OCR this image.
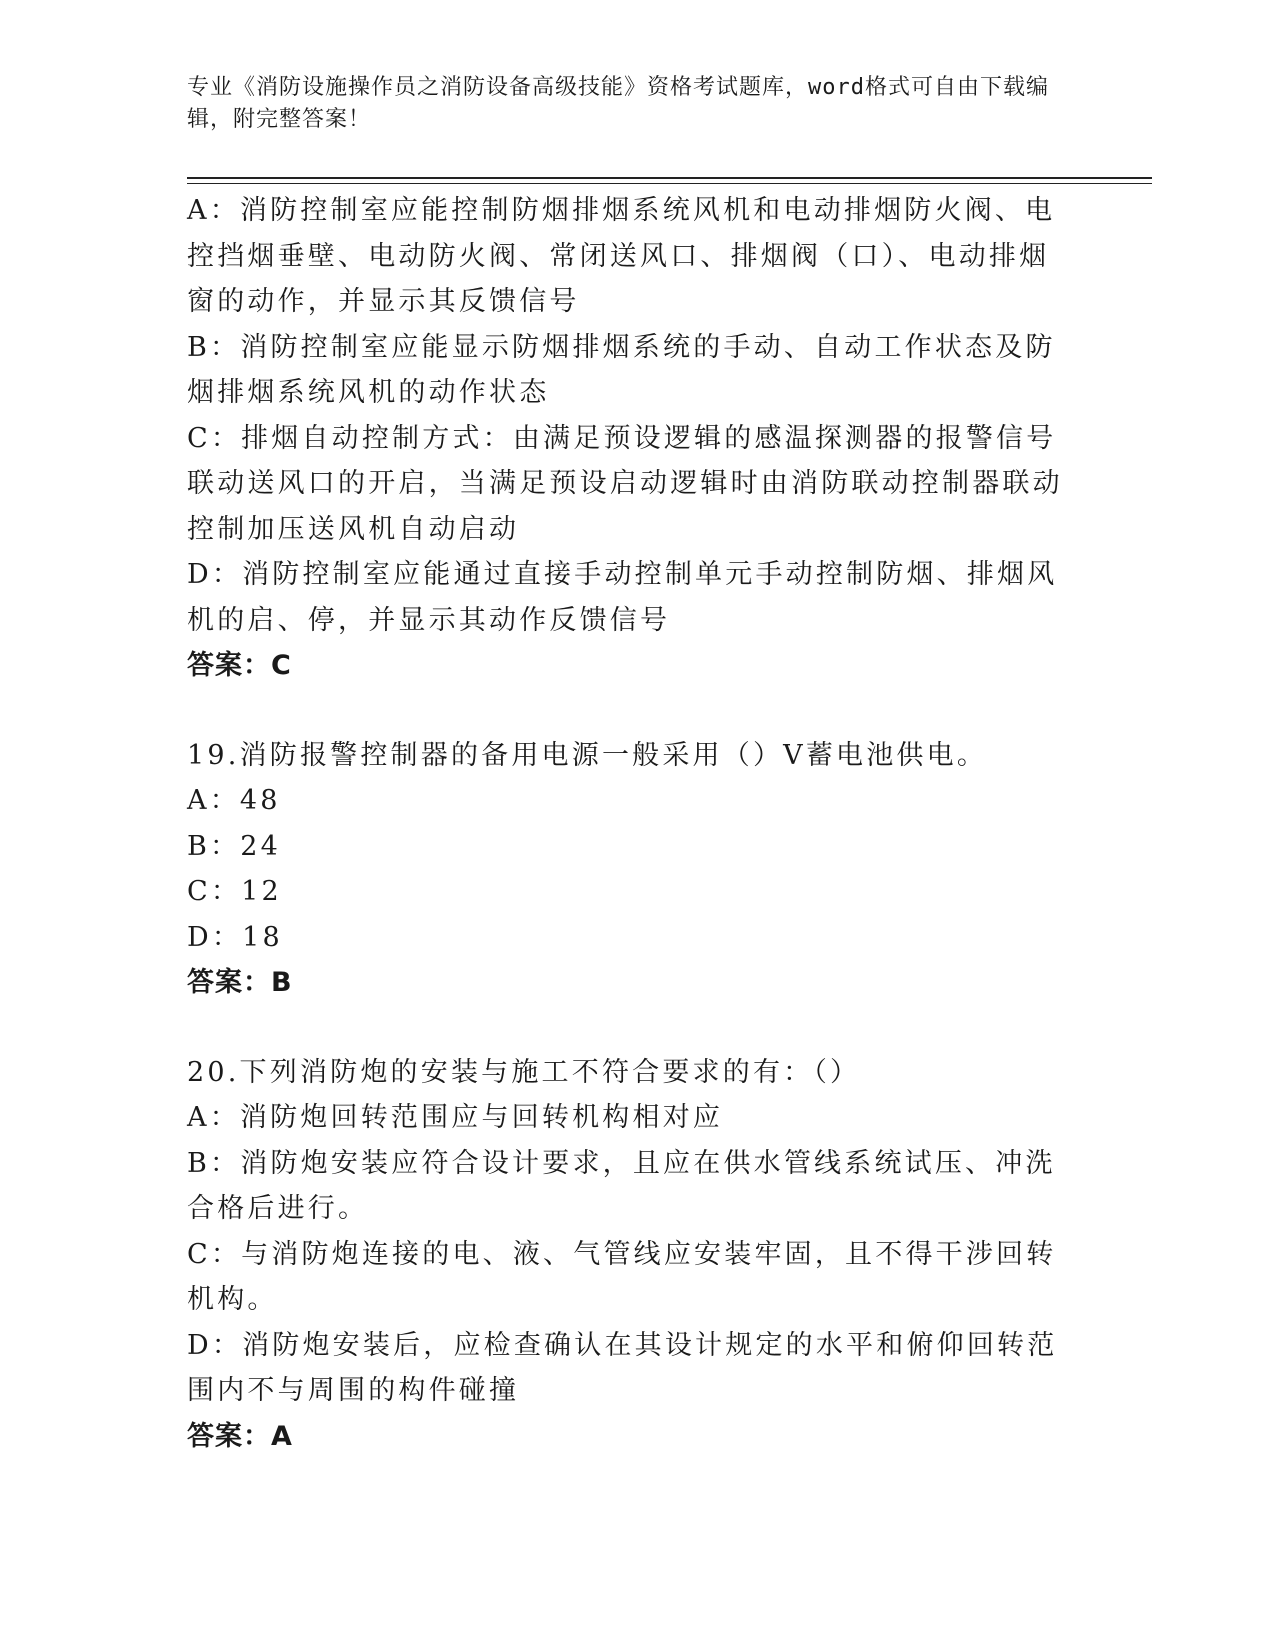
专业《消防设施操作员之消防设备高级技能》资格考试题库，word格式可自由下载编辑，附完整答案！

A：消防控制室应能控制防烟排烟系统风机和电动排烟防火阀、电控挡烟垂壁、电动防火阀、常闭送风口、排烟阀（口）、电动排烟窗的动作，并显示其反馈信号

B：消防控制室应能显示防烟排烟系统的手动、自动工作状态及防烟排烟系统风机的动作状态

C：排烟自动控制方式：由满足预设逻辑的感温探测器的报警信号联动送风口的开启，当满足预设启动逻辑时由消防联动控制器联动控制加压送风机自动启动

D：消防控制室应能通过直接手动控制单元手动控制防烟、排烟风机的启、停，并显示其动作反馈信号

答案：C

19.消防报警控制器的备用电源一般采用（）V蓄电池供电。

A：48

B：24

C：12

D：18

答案：B

20.下列消防炮的安装与施工不符合要求的有：（）

A：消防炮回转范围应与回转机构相对应

B：消防炮安装应符合设计要求，且应在供水管线系统试压、冲洗合格后进行。

C：与消防炮连接的电、液、气管线应安装牢固，且不得干涉回转机构。

D：消防炮安装后，应检查确认在其设计规定的水平和俯仰回转范围内不与周围的构件碰撞

答案：A
